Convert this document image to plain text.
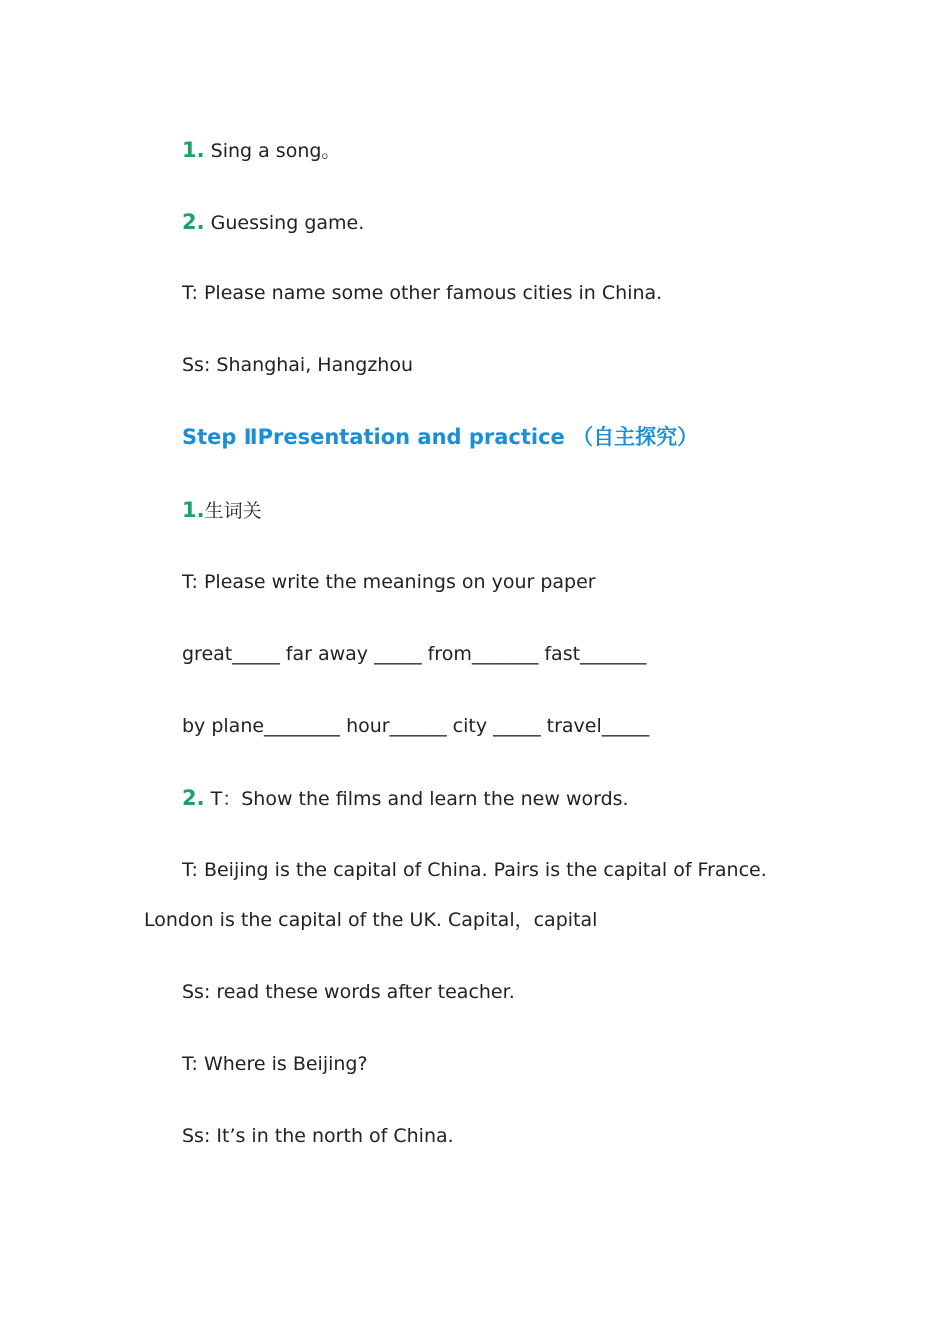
1. Sing a song。
2. Guessing game.
T: Please name some other famous cities in China.
Ss: Shanghai, Hangzhou
Step ⅡPresentation and practice （自主探究）
1.生词关
T: Please write the meanings on your paper
great_____ far away _____ from_______ fast_______
by plane________ hour______ city _____ travel_____
2. T：Show the films and learn the new words.
T: Beijing is the capital of China. Pairs is the capital of France.
London is the capital of the UK. Capital，capital
Ss: read these words after teacher.
T: Where is Beijing?
Ss: It’s in the north of China.
